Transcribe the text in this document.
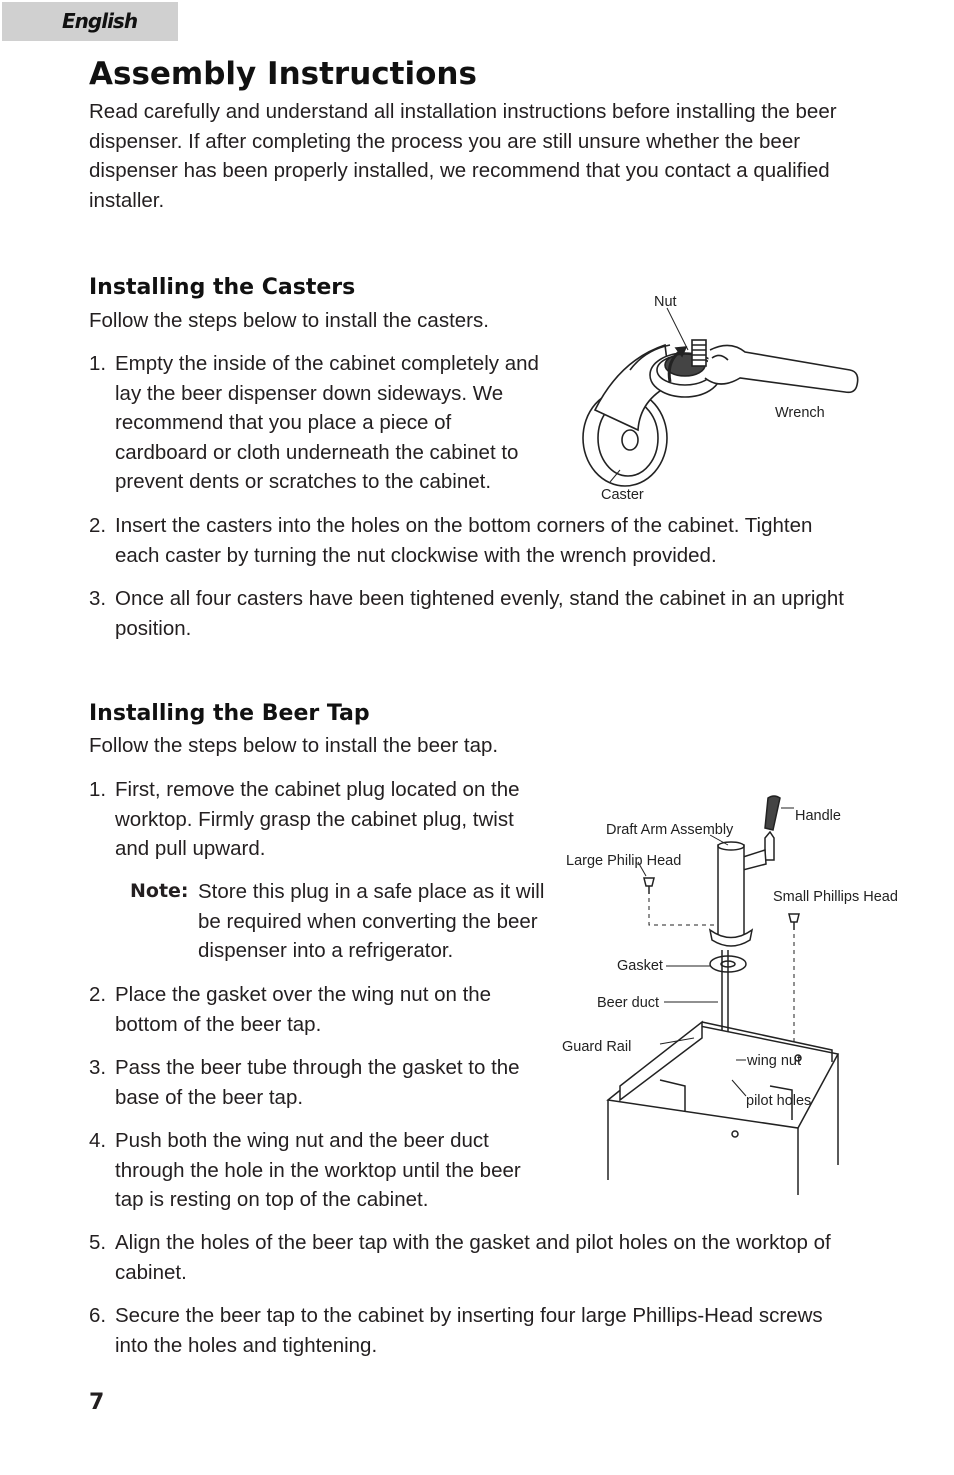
English
Assembly Instructions
Read carefully and understand all installation instructions before installing the beer
dispenser. If after completing the process you are still unsure whether the beer
dispenser has been properly installed, we recommend that you contact a qualified
installer.
Installing the Casters
Follow the steps below to install the casters.
1. Empty the inside of the cabinet completely and
lay the beer dispenser down sideways. We
recommend that you place a piece of
cardboard or cloth underneath the cabinet to
prevent dents or scratches to the cabinet.
2. Insert the casters into the holes on the bottom corners of the cabinet. Tighten
each caster by turning the nut clockwise with the wrench provided.
3. Once all four casters have been tightened evenly, stand the cabinet in an upright
position.
Nut
Wrench
Caster
Installing the Beer Tap
Follow the steps below to install the beer tap.
1. First, remove the cabinet plug located on the
worktop. Firmly grasp the cabinet plug, twist
and pull upward.
Note: Store this plug in a safe place as it will
be required when converting the beer
dispenser into a refrigerator.
2. Place the gasket over the wing nut on the
bottom of the beer tap.
3. Pass the beer tube through the gasket to the
base of the beer tap.
4. Push both the wing nut and the beer duct
through the hole in the worktop until the beer
tap is resting on top of the cabinet.
5. Align the holes of the beer tap with the gasket and pilot holes on the worktop of
cabinet.
6. Secure the beer tap to the cabinet by inserting four large Phillips-Head screws
into the holes and tightening.
Handle
Draft Arm Assembly
Large Philip Head
Small Phillips Head
Gasket
Beer duct
Guard Rail
wing nut
pilot holes
7
